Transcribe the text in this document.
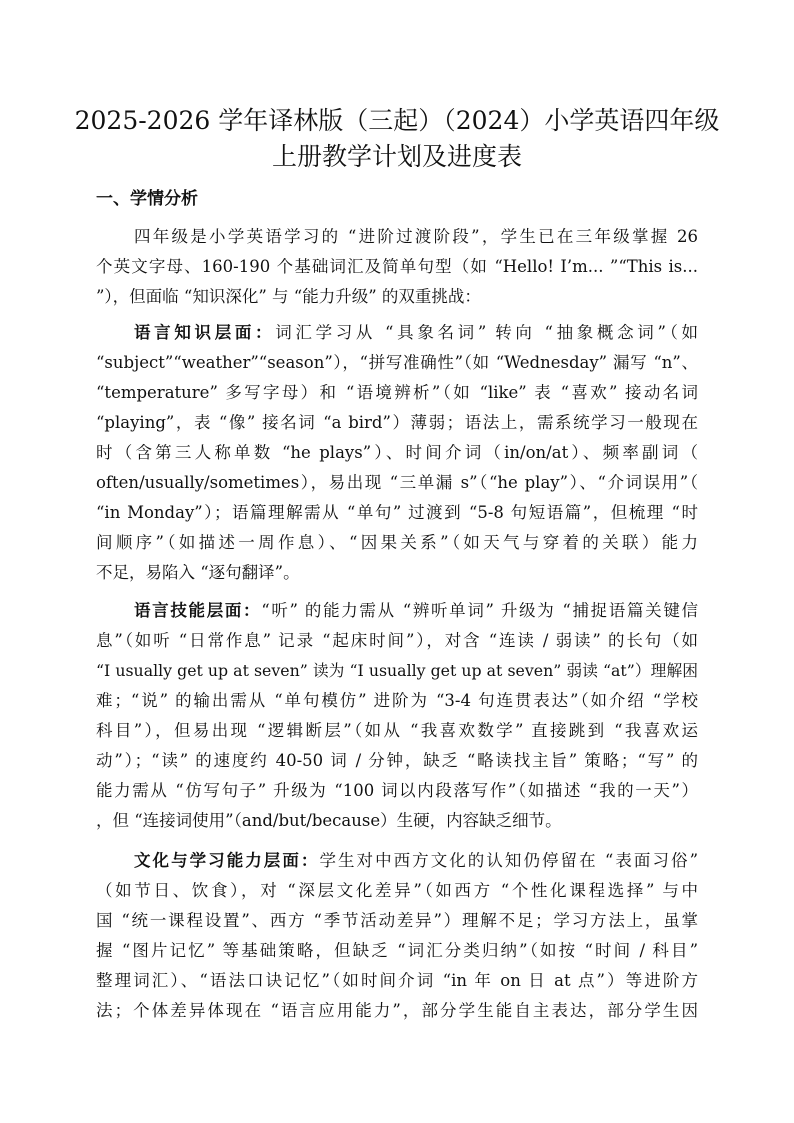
2025-2026 学年译林版（三起）（2024）小学英语四年级
上册教学计划及进度表
一、学情分析
四年级是小学英语学习的 “进阶过渡阶段”，学生已在三年级掌握 26
个英文字母、160-190 个基础词汇及简单句型（如 “Hello! I’m... ”“This is...
”），但面临 “知识深化” 与 “能力升级” 的双重挑战：
语言知识层面：词汇学习从 “具象名词” 转向 “抽象概念词”（如
“subject”“weather”“season”），“拼写准确性”（如 “Wednesday” 漏写 “n”、
“temperature” 多写字母）和 “语境辨析”（如 “like” 表 “喜欢” 接动名词
“playing”，表 “像” 接名词 “a bird”）薄弱；语法上，需系统学习一般现在
时（含第三人称单数 “he plays”）、时间介词（in/on/at）、频率副词（
often/usually/sometimes），易出现 “三单漏 s”（“he play”）、“介词误用”（
“in Monday”）；语篇理解需从 “单句” 过渡到 “5-8 句短语篇”，但梳理 “时
间顺序”（如描述一周作息）、“因果关系”（如天气与穿着的关联）能力
不足，易陷入 “逐句翻译”。
语言技能层面：“听” 的能力需从 “辨听单词” 升级为 “捕捉语篇关键信
息”（如听 “日常作息” 记录 “起床时间”），对含 “连读 / 弱读” 的长句（如
“I usually get up at seven” 读为 “I usually get up at seven” 弱读 “at”）理解困
难；“说” 的输出需从 “单句模仿” 进阶为 “3-4 句连贯表达”（如介绍 “学校
科目”），但易出现 “逻辑断层”（如从 “我喜欢数学” 直接跳到 “我喜欢运
动”）；“读” 的速度约 40-50 词 / 分钟，缺乏 “略读找主旨” 策略；“写” 的
能力需从 “仿写句子” 升级为 “100 词以内段落写作”（如描述 “我的一天”）
，但 “连接词使用”（and/but/because）生硬，内容缺乏细节。
文化与学习能力层面：学生对中西方文化的认知仍停留在 “表面习俗”
（如节日、饮食），对 “深层文化差异”（如西方 “个性化课程选择” 与中
国 “统一课程设置”、西方 “季节活动差异”）理解不足；学习方法上，虽掌
握 “图片记忆” 等基础策略，但缺乏 “词汇分类归纳”（如按 “时间 / 科目”
整理词汇）、“语法口诀记忆”（如时间介词 “in 年 on 日 at 点”）等进阶方
法；个体差异体现在 “语言应用能力”，部分学生能自主表达，部分学生因
